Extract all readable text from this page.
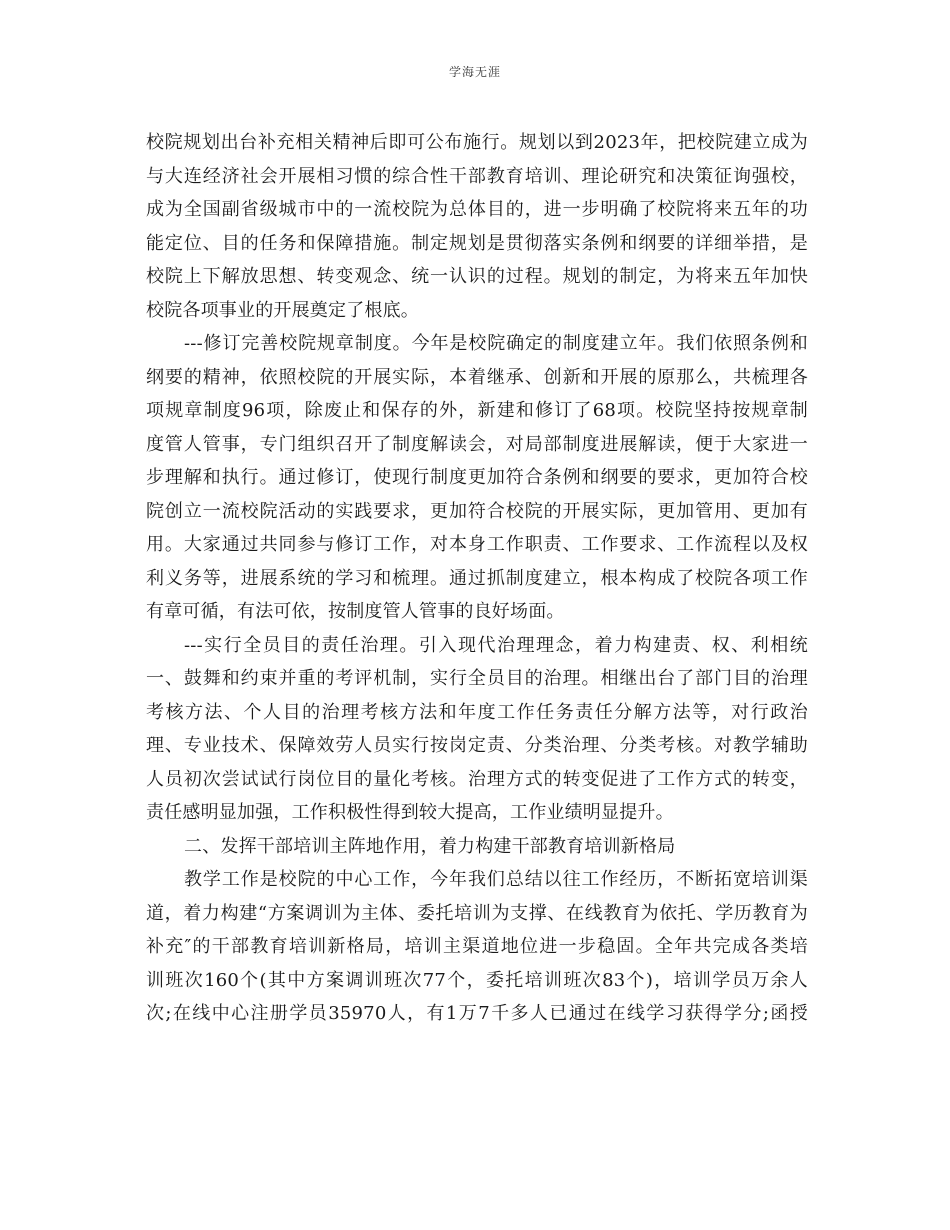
学海无涯
校院规划出台补充相关精神后即可公布施行。规划以到2023年，把校院建立成为
与大连经济社会开展相习惯的综合性干部教育培训、理论研究和决策征询强校，
成为全国副省级城市中的一流校院为总体目的，进一步明确了校院将来五年的功
能定位、目的任务和保障措施。制定规划是贯彻落实条例和纲要的详细举措，是
校院上下解放思想、转变观念、统一认识的过程。规划的制定，为将来五年加快
校院各项事业的开展奠定了根底。
---修订完善校院规章制度。今年是校院确定的制度建立年。我们依照条例和
纲要的精神，依照校院的开展实际，本着继承、创新和开展的原那么，共梳理各
项规章制度96项，除废止和保存的外，新建和修订了68项。校院坚持按规章制
度管人管事，专门组织召开了制度解读会，对局部制度进展解读，便于大家进一
步理解和执行。通过修订，使现行制度更加符合条例和纲要的要求，更加符合校
院创立一流校院活动的实践要求，更加符合校院的开展实际，更加管用、更加有
用。大家通过共同参与修订工作，对本身工作职责、工作要求、工作流程以及权
利义务等，进展系统的学习和梳理。通过抓制度建立，根本构成了校院各项工作
有章可循，有法可依，按制度管人管事的良好场面。
---实行全员目的责任治理。引入现代治理理念，着力构建责、权、利相统
一、鼓舞和约束并重的考评机制，实行全员目的治理。相继出台了部门目的治理
考核方法、个人目的治理考核方法和年度工作任务责任分解方法等，对行政治
理、专业技术、保障效劳人员实行按岗定责、分类治理、分类考核。对教学辅助
人员初次尝试试行岗位目的量化考核。治理方式的转变促进了工作方式的转变，
责任感明显加强，工作积极性得到较大提高，工作业绩明显提升。
二、发挥干部培训主阵地作用，着力构建干部教育培训新格局
教学工作是校院的中心工作，今年我们总结以往工作经历，不断拓宽培训渠
道，着力构建“方案调训为主体、委托培训为支撑、在线教育为依托、学历教育为
补充″的干部教育培训新格局，培训主渠道地位进一步稳固。全年共完成各类培
训班次160个(其中方案调训班次77个，委托培训班次83个)，培训学员万余人
次;在线中心注册学员35970人，有1万7千多人已通过在线学习获得学分;函授
